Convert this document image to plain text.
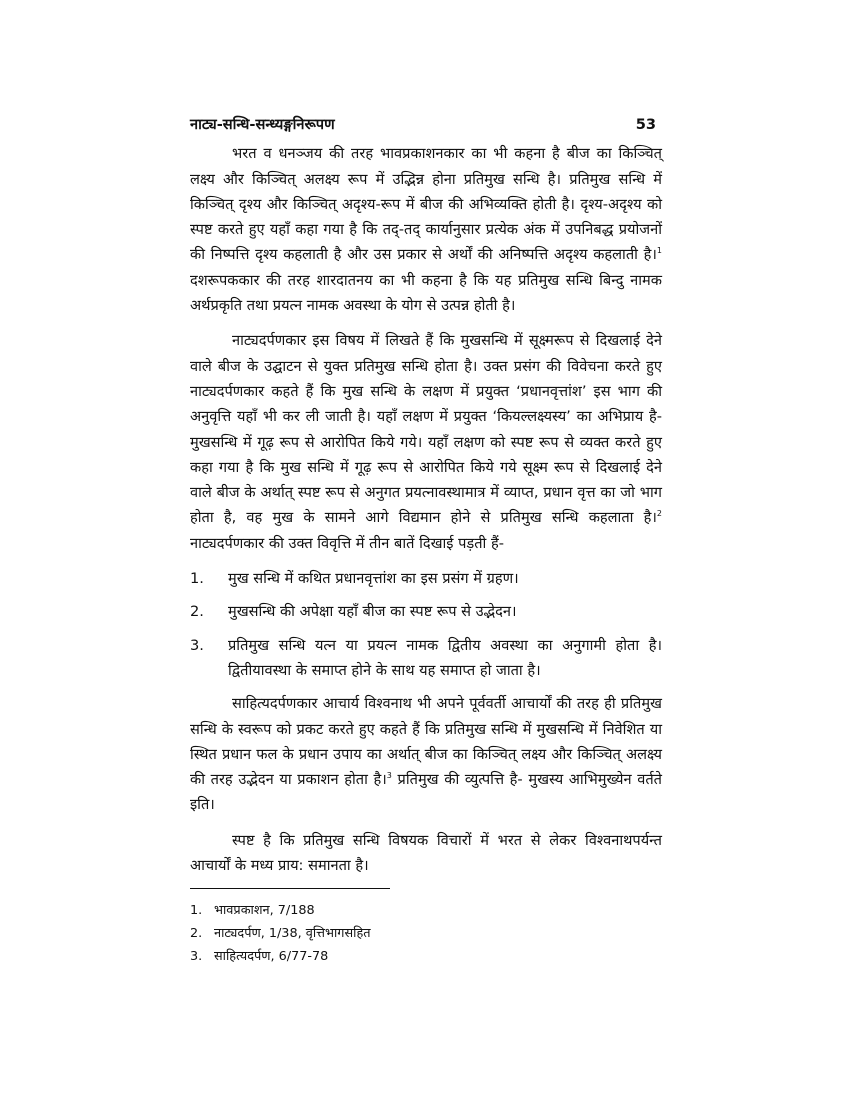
नाट्य-सन्धि-सन्ध्यङ्गनिरूपण	53

भरत व धनञ्जय की तरह भावप्रकाशनकार का भी कहना है बीज का किञ्चित् लक्ष्य और किञ्चित् अलक्ष्य रूप में उद्भिन्न होना प्रतिमुख सन्धि है। प्रतिमुख सन्धि में किञ्चित् दृश्य और किञ्चित् अदृश्य-रूप में बीज की अभिव्यक्ति होती है। दृश्य-अदृश्य को स्पष्ट करते हुए यहाँ कहा गया है कि तद्-तद् कार्यानुसार प्रत्येक अंक में उपनिबद्ध प्रयोजनों की निष्पत्ति दृश्य कहलाती है और उस प्रकार से अर्थों की अनिष्पत्ति अदृश्य कहलाती है।$^1$ दशरूपककार की तरह शारदातनय का भी कहना है कि यह प्रतिमुख सन्धि बिन्दु नामक अर्थप्रकृति तथा प्रयत्न नामक अवस्था के योग से उत्पन्न होती है।

नाट्यदर्पणकार इस विषय में लिखते हैं कि मुखसन्धि में सूक्ष्मरूप से दिखलाई देने वाले बीज के उद्घाटन से युक्त प्रतिमुख सन्धि होता है। उक्त प्रसंग की विवेचना करते हुए नाट्यदर्पणकार कहते हैं कि मुख सन्धि के लक्षण में प्रयुक्त ‘प्रधानवृत्तांश’ इस भाग की अनुवृत्ति यहाँ भी कर ली जाती है। यहाँ लक्षण में प्रयुक्त ‘कियल्लक्ष्यस्य’ का अभिप्राय है- मुखसन्धि में गूढ़ रूप से आरोपित किये गये। यहाँ लक्षण को स्पष्ट रूप से व्यक्त करते हुए कहा गया है कि मुख सन्धि में गूढ़ रूप से आरोपित किये गये सूक्ष्म रूप से दिखलाई देने वाले बीज के अर्थात् स्पष्ट रूप से अनुगत प्रयत्नावस्थामात्र में व्याप्त, प्रधान वृत्त का जो भाग होता है, वह मुख के सामने आगे विद्यमान होने से प्रतिमुख सन्धि कहलाता है।$^2$ नाट्यदर्पणकार की उक्त विवृत्ति में तीन बातें दिखाई पड़ती हैं-

1.	मुख सन्धि में कथित प्रधानवृत्तांश का इस प्रसंग में ग्रहण।
2.	मुखसन्धि की अपेक्षा यहाँ बीज का स्पष्ट रूप से उद्भेदन।
3.	प्रतिमुख सन्धि यत्न या प्रयत्न नामक द्वितीय अवस्था का अनुगामी होता है। द्वितीयावस्था के समाप्त होने के साथ यह समाप्त हो जाता है।

साहित्यदर्पणकार आचार्य विश्वनाथ भी अपने पूर्ववर्ती आचार्यों की तरह ही प्रतिमुख सन्धि के स्वरूप को प्रकट करते हुए कहते हैं कि प्रतिमुख सन्धि में मुखसन्धि में निवेशित या स्थित प्रधान फल के प्रधान उपाय का अर्थात् बीज का किञ्चित् लक्ष्य और किञ्चित् अलक्ष्य की तरह उद्भेदन या प्रकाशन होता है।$^3$ प्रतिमुख की व्युत्पत्ति है- मुखस्य आभिमुख्येन वर्तते इति।

स्पष्ट है कि प्रतिमुख सन्धि विषयक विचारों में भरत से लेकर विश्वनाथपर्यन्त आचार्यों के मध्य प्राय: समानता है।

1. भावप्रकाशन, 7/188
2. नाट्यदर्पण, 1/38, वृत्तिभागसहित
3. साहित्यदर्पण, 6/77-78
